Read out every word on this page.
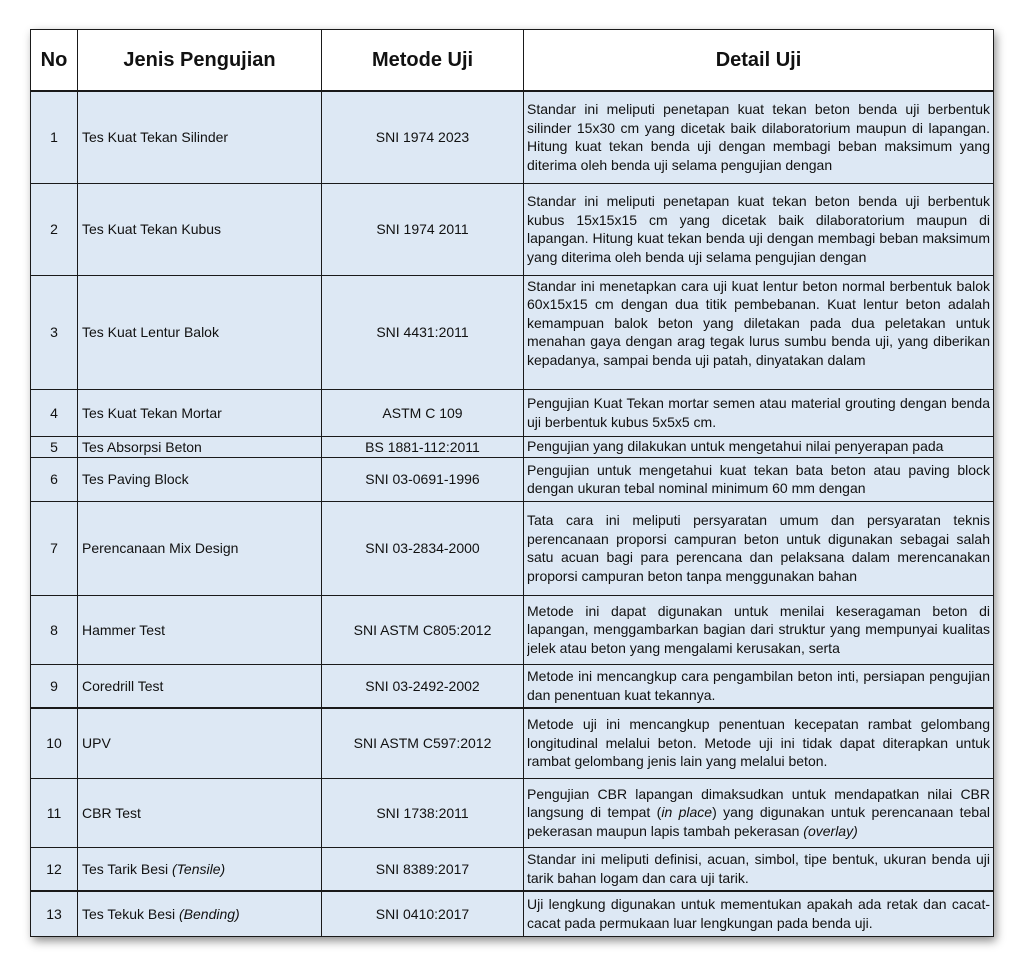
No	Jenis Pengujian	Metode Uji	Detail Uji
1	Tes Kuat Tekan Silinder	SNI 1974 2023	Standar ini meliputi penetapan kuat tekan beton benda uji berbentuk silinder 15x30 cm yang dicetak baik dilaboratorium maupun di lapangan. Hitung kuat tekan benda uji dengan membagi beban maksimum yang diterima oleh benda uji selama pengujian dengan

2	Tes Kuat Tekan Kubus	SNI 1974 2011	Standar ini meliputi penetapan kuat tekan beton benda uji berbentuk kubus 15x15x15 cm yang dicetak baik dilaboratorium maupun di lapangan. Hitung kuat tekan benda uji dengan membagi beban maksimum yang diterima oleh benda uji selama pengujian dengan

3	Tes Kuat Lentur Balok	SNI 4431:2011	Standar ini menetapkan cara uji kuat lentur beton normal berbentuk balok 60x15x15 cm dengan dua titik pembebanan. Kuat lentur beton adalah kemampuan balok beton yang diletakan pada dua peletakan untuk menahan gaya dengan arag tegak lurus sumbu benda uji, yang diberikan kepadanya, sampai benda uji patah, dinyatakan dalam

4	Tes Kuat Tekan Mortar	ASTM C 109	Pengujian Kuat Tekan mortar semen atau material grouting dengan benda uji berbentuk kubus 5x5x5 cm.

5	Tes Absorpsi Beton	BS 1881-112:2011	Pengujian yang dilakukan untuk mengetahui nilai penyerapan pada

6	Tes Paving Block	SNI 03-0691-1996	Pengujian untuk mengetahui kuat tekan bata beton atau paving block dengan ukuran tebal nominal minimum 60 mm dengan

7	Perencanaan Mix Design	SNI 03-2834-2000	Tata cara ini meliputi persyaratan umum dan persyaratan teknis perencanaan proporsi campuran beton untuk digunakan sebagai salah satu acuan bagi para perencana dan pelaksana dalam merencanakan proporsi campuran beton tanpa menggunakan bahan

8	Hammer Test	SNI ASTM C805:2012	Metode ini dapat digunakan untuk menilai keseragaman beton di lapangan, menggambarkan bagian dari struktur yang mempunyai kualitas jelek atau beton yang mengalami kerusakan, serta

9	Coredrill Test	SNI 03-2492-2002	Metode ini mencangkup cara pengambilan beton inti, persiapan pengujian dan penentuan kuat tekannya.

10	UPV	SNI ASTM C597:2012	Metode uji ini mencangkup penentuan kecepatan rambat gelombang longitudinal melalui beton. Metode uji ini tidak dapat diterapkan untuk rambat gelombang jenis lain yang melalui beton.

11	CBR Test	SNI 1738:2011	Pengujian CBR lapangan dimaksudkan untuk mendapatkan nilai CBR langsung di tempat (in place) yang digunakan untuk perencanaan tebal pekerasan maupun lapis tambah pekerasan (overlay)

12	Tes Tarik Besi (Tensile)	SNI 8389:2017	Standar ini meliputi definisi, acuan, simbol, tipe bentuk, ukuran benda uji tarik bahan logam dan cara uji tarik.

13	Tes Tekuk Besi (Bending)	SNI 0410:2017	Uji lengkung digunakan untuk mementukan apakah ada retak dan cacat-cacat pada permukaan luar lengkungan pada benda uji.
